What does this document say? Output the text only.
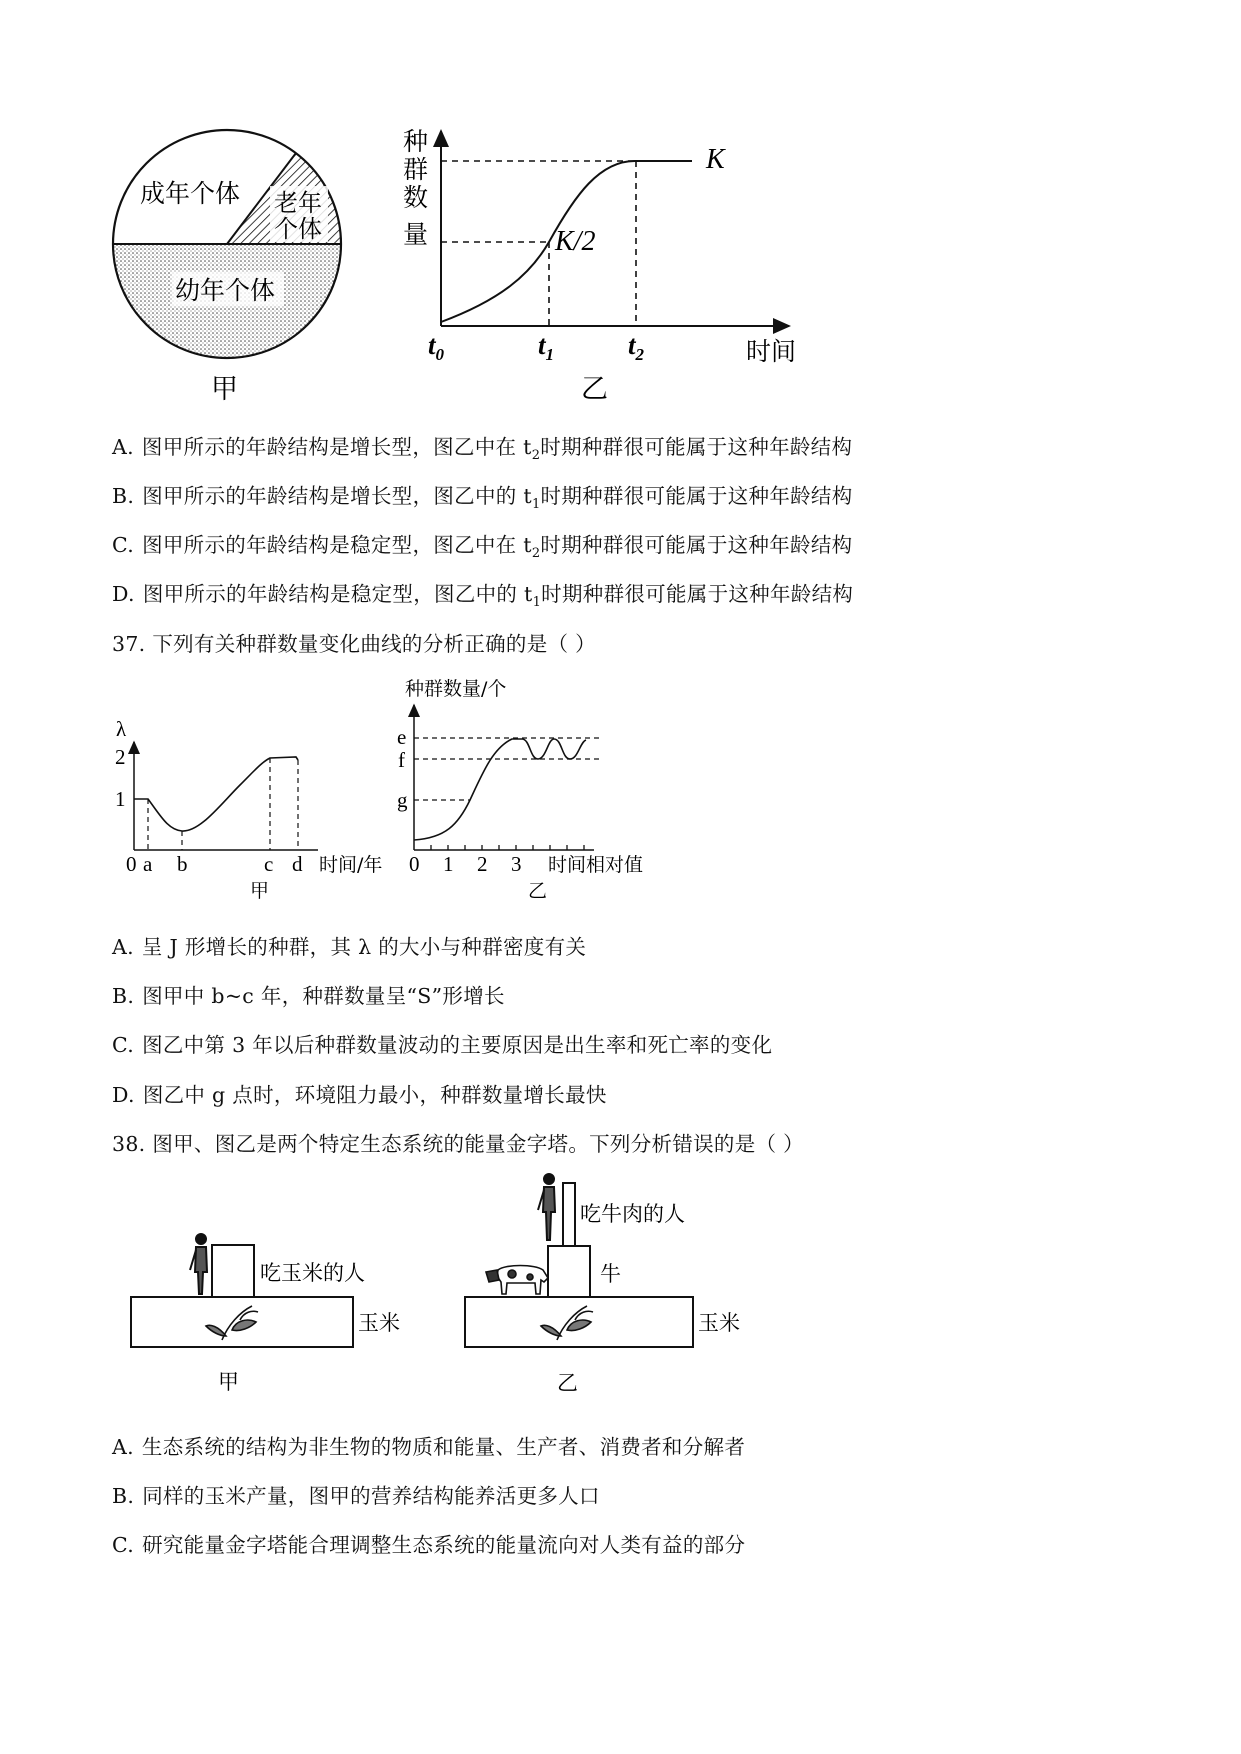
成年个体 老年
个体
幼年个体
甲
种
群
数
量
K
K/2
$t_0$	$t_1$	$t_2$	时间
乙
λ
2
1
0 a b	c d 时间/年
甲
种群数量/个
e
f
g
0 1 2 3 时间相对值
乙
吃玉米的人
玉米
甲
吃牛肉的人
牛
玉米
乙
A. 图甲所示的年龄结构是增长型，图乙中在 $t_2$时期种群很可能属于这种年龄结构
B. 图甲所示的年龄结构是增长型，图乙中的 $t_1$时期种群很可能属于这种年龄结构
C. 图甲所示的年龄结构是稳定型，图乙中在 $t_2$时期种群很可能属于这种年龄结构
D. 图甲所示的年龄结构是稳定型，图乙中的 $t_1$时期种群很可能属于这种年龄结构
37. 下列有关种群数量变化曲线的分析正确的是（ ）
A. 呈 J 形增长的种群，其 λ 的大小与种群密度有关
B. 图甲中 b~c 年，种群数量呈“S”形增长
C. 图乙中第 3 年以后种群数量波动的主要原因是出生率和死亡率的变化
D. 图乙中 g 点时，环境阻力最小，种群数量增长最快
38. 图甲、图乙是两个特定生态系统的能量金字塔。下列分析错误的是（ ）
A. 生态系统的结构为非生物的物质和能量、生产者、消费者和分解者
B. 同样的玉米产量，图甲的营养结构能养活更多人口
C. 研究能量金字塔能合理调整生态系统的能量流向对人类有益的部分
